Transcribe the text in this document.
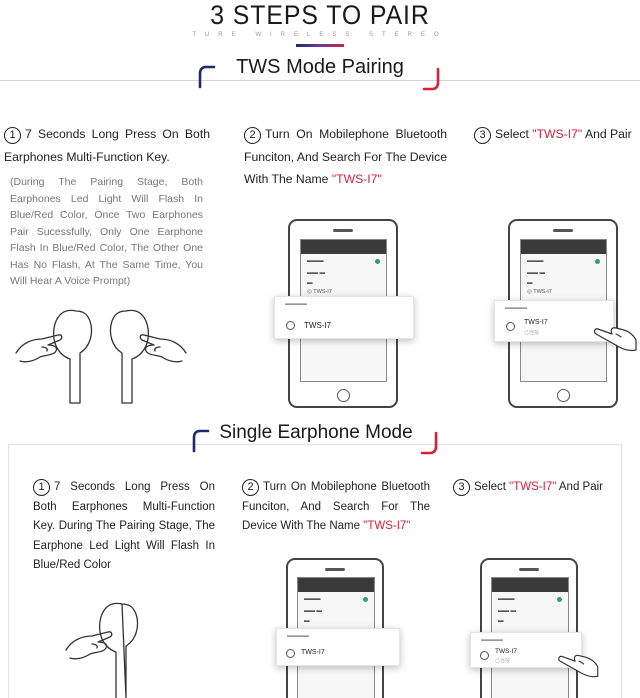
3 STEPS TO PAIR
TURE WIRELESS STEREO
TWS Mode Pairing
1 7 Seconds Long Press On Both Earphones Multi-Function Key.
(During The Pairing Stage, Both Earphones Led Light Will Flash In Blue/Red Color, Once Two Earphones Pair Sucessfully, Only One Earphone Flash In Blue/Red Color, The Other One Has No Flash, At The Same Time, You Will Hear A Voice Prompt)
2 Turn On Mobilephone Bluetooth Funciton, And Search For The Device With The Name "TWS-I7"
▬▬▬
▬▬ ▬
▬
◎ TWS-I7
▬▬▬▬
TWS-I7
3 Select "TWS-I7" And Pair
▬▬▬
▬▬ ▬
▬
◎ TWS-I7
▬▬▬▬
TWS-I7
已连接
Single Earphone Mode
1 7 Seconds Long Press On Both Earphones Multi-Function Key. During The Pairing Stage, The Earphone Led Light Will Flash In Blue/Red Color
2 Turn On Mobilephone Bluetooth Funciton, And Search For The Device With The Name "TWS-I7"
▬▬▬
▬▬ ▬
▬
▬▬▬▬
TWS-I7
3 Select "TWS-I7" And Pair
▬▬▬
▬▬ ▬
▬
▬▬▬▬
TWS-I7
已连接
